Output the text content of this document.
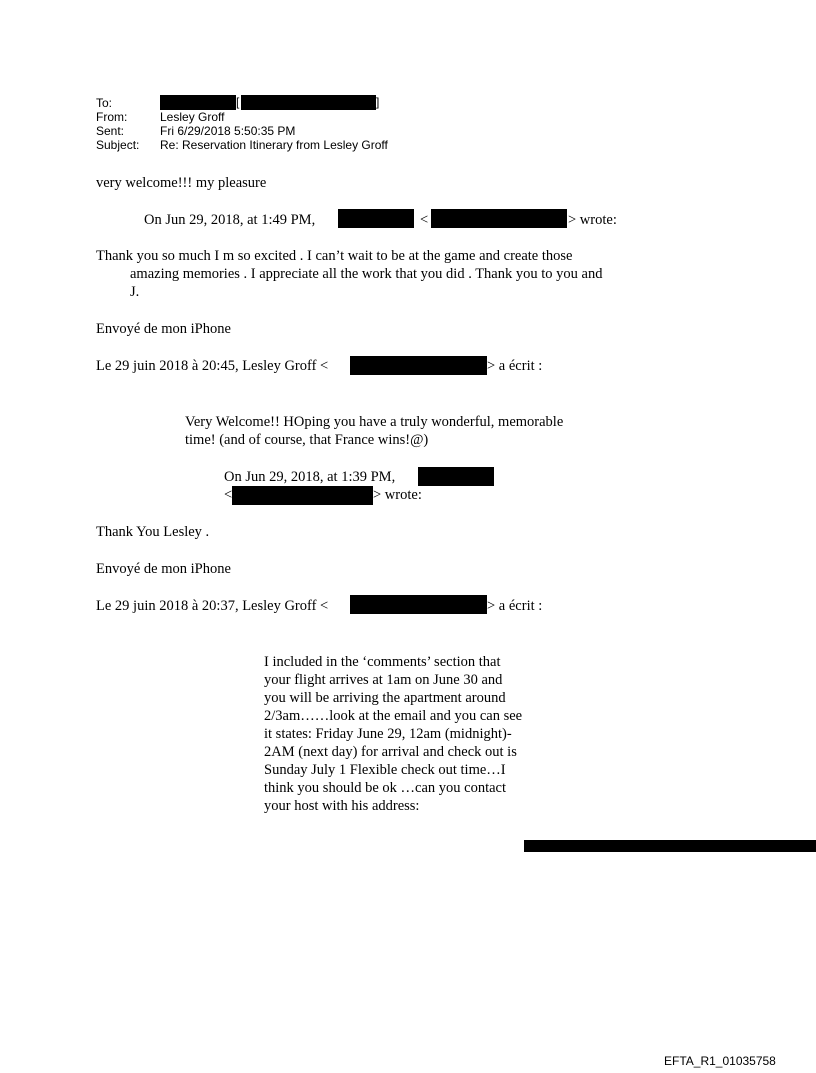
To:	[	]
From:	Lesley Groff
Sent:	Fri 6/29/2018 5:50:35 PM
Subject: Re: Reservation Itinerary from Lesley Groff
very welcome!!! my pleasure
On Jun 29, 2018, at 1:49 PM,	<	> wrote:
Thank you so much I m so excited . I can’t wait to be at the game and create those
amazing memories . I appreciate all the work that you did . Thank you to you and
J.
Envoyé de mon iPhone
Le 29 juin 2018 à 20:45, Lesley Groff <	> a écrit :
Very Welcome!! HOping you have a truly wonderful, memorable
time! (and of course, that France wins!@)
On Jun 29, 2018, at 1:39 PM,
<	> wrote:
Thank You Lesley .
Envoyé de mon iPhone
Le 29 juin 2018 à 20:37, Lesley Groff <	> a écrit :
I included in the ‘comments’ section that
your flight arrives at 1am on June 30 and
you will be arriving the apartment around
2/3am……look at the email and you can see
it states: Friday June 29, 12am (midnight)-
2AM (next day) for arrival and check out is
Sunday July 1 Flexible check out time…I
think you should be ok …can you contact
your host with his address:
EFTA_R1_01035758
